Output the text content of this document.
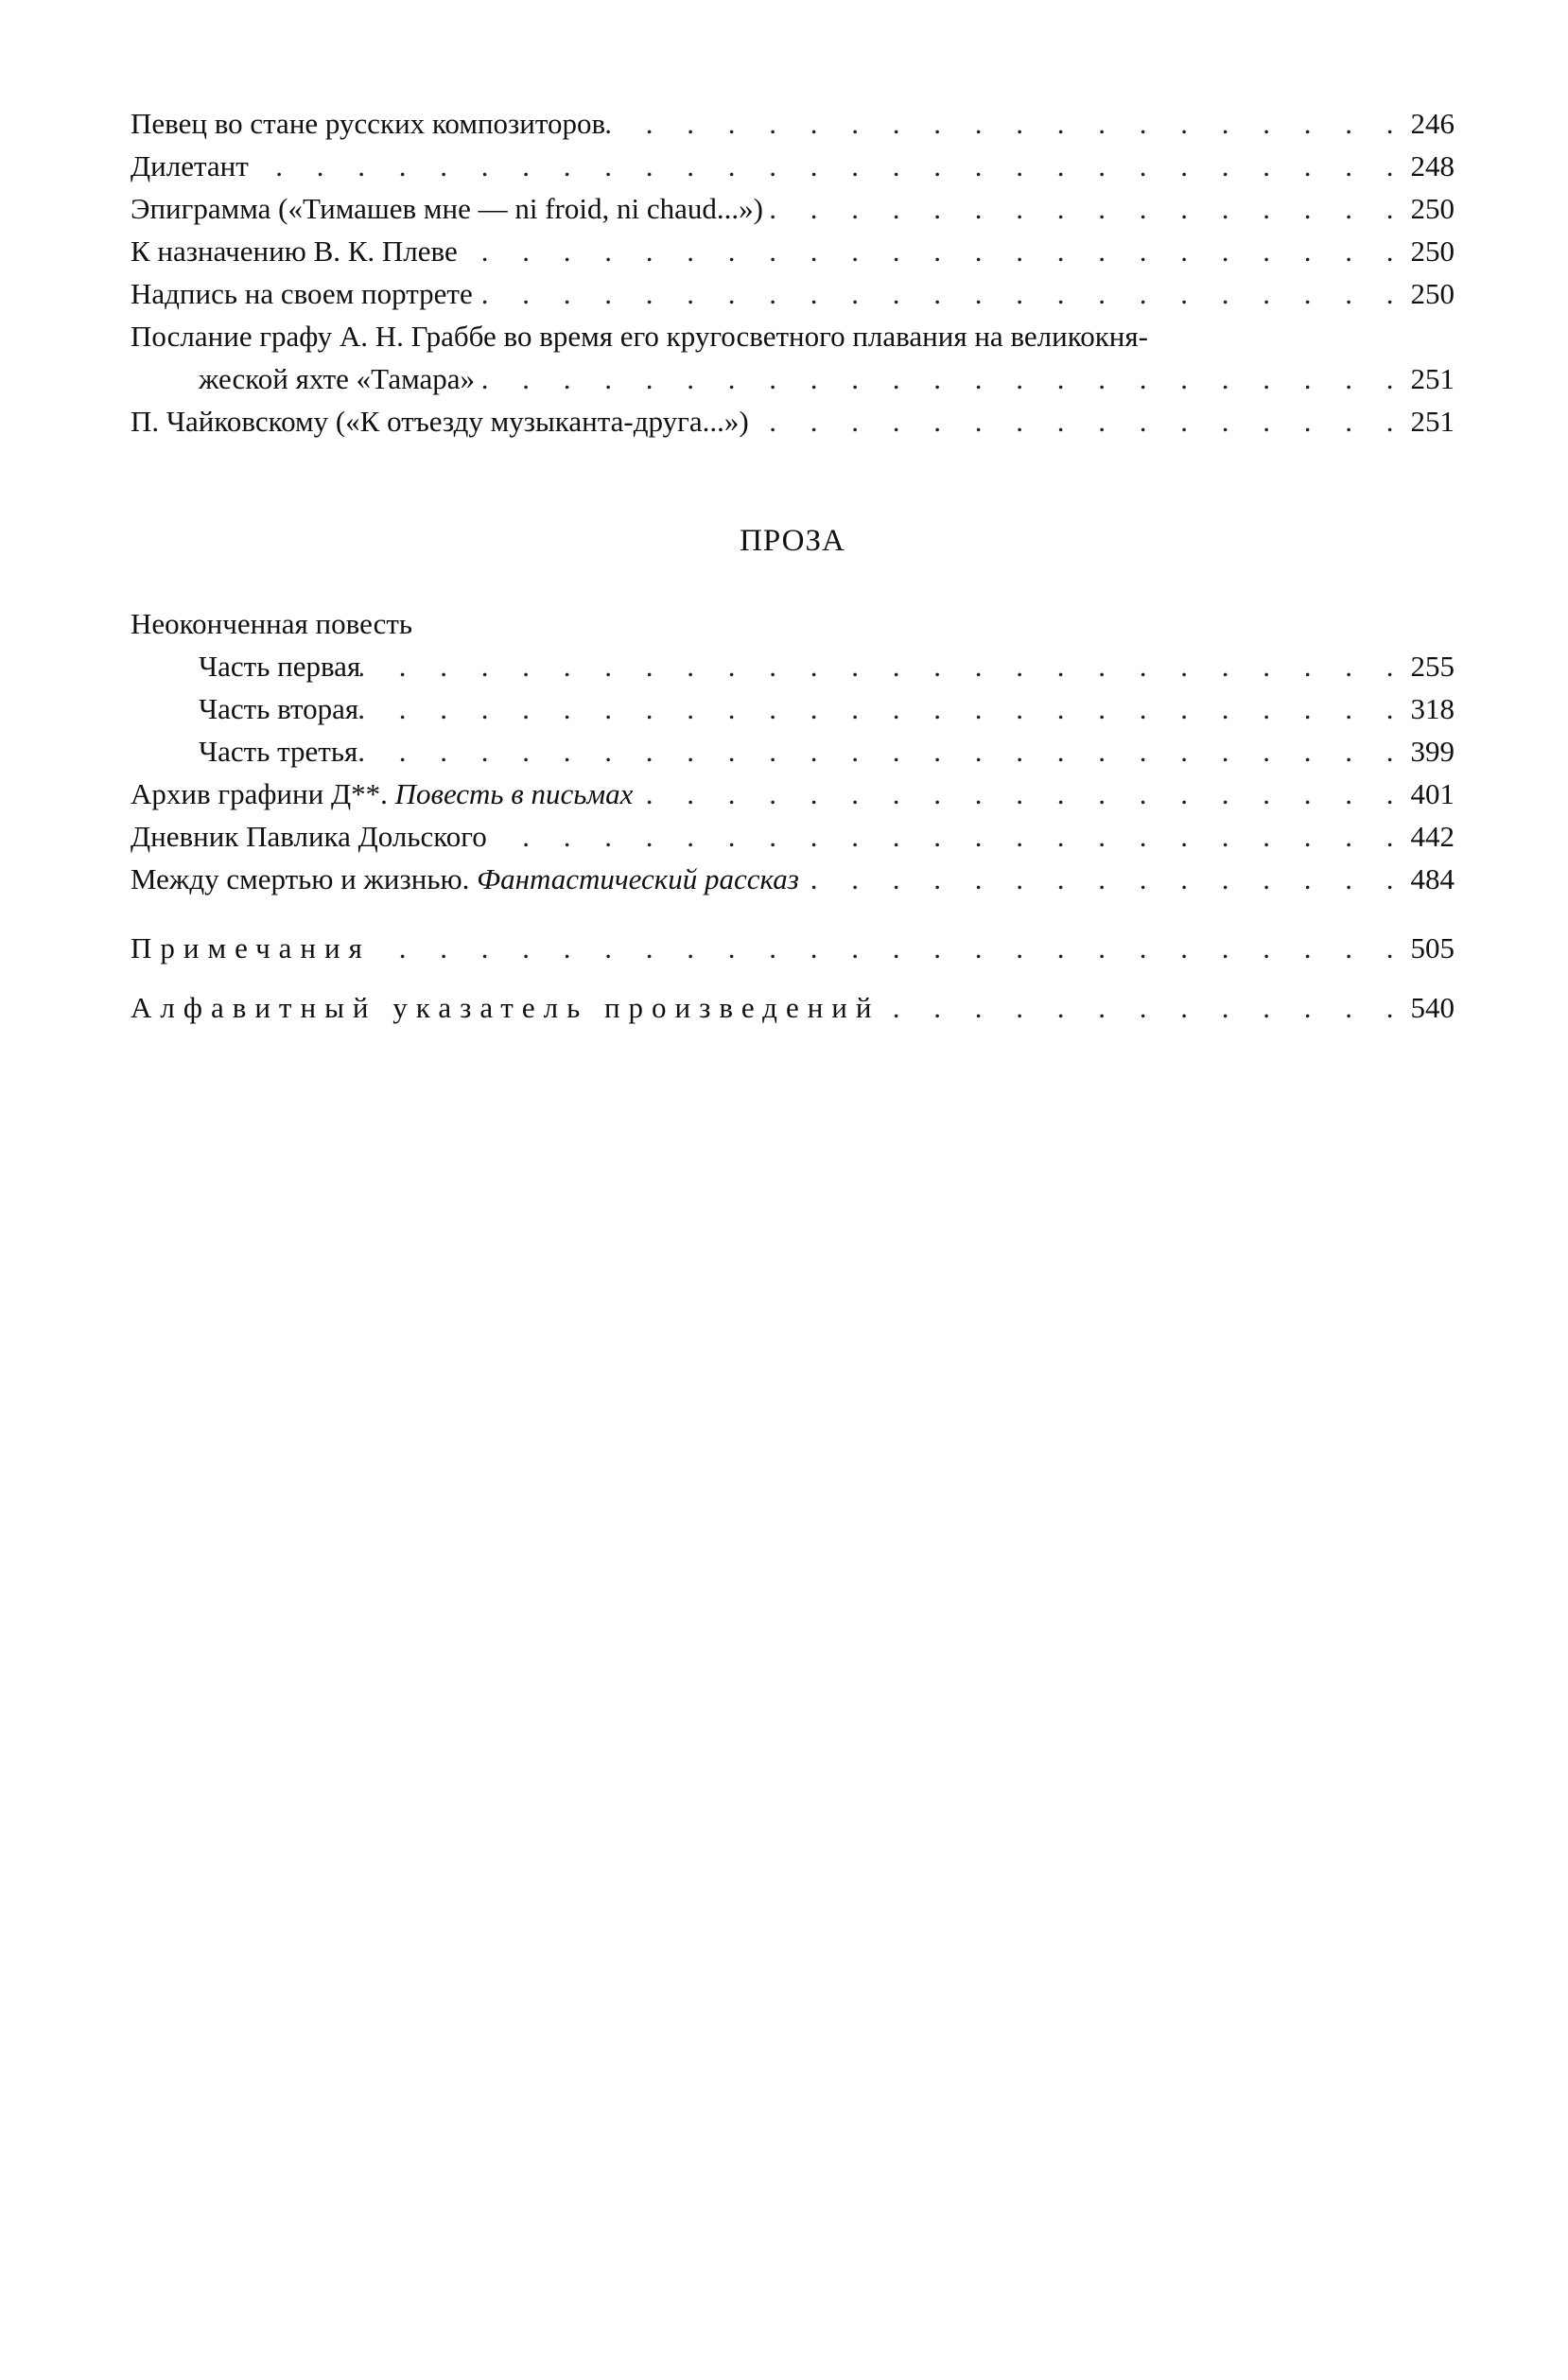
Певец во стане русских композиторов . . .	246
Дилетант . . .	248
Эпиграмма («Тимашев мне — ni froid, ni chaud...») . . .	250
К назначению В. К. Плеве . . .	250
Надпись на своем портрете . . .	250
Послание графу А. Н. Граббе во время его кругосветного плавания на великокня-
жеской яхте «Тамара» . . .	251
П. Чайковскому («К отъезду музыканта-друга...») . . .	251
ПРОЗА
Неоконченная повесть
Часть первая . . .	255
Часть вторая . . .	318
Часть третья . . .	399
Архив графини Д**. Повесть в письмах . . .	401
Дневник Павлика Дольского . . .	442
Между смертью и жизнью. Фантастический рассказ . . .	484
Примечания . . .	505
Алфавитный указатель произведений . . .	540
